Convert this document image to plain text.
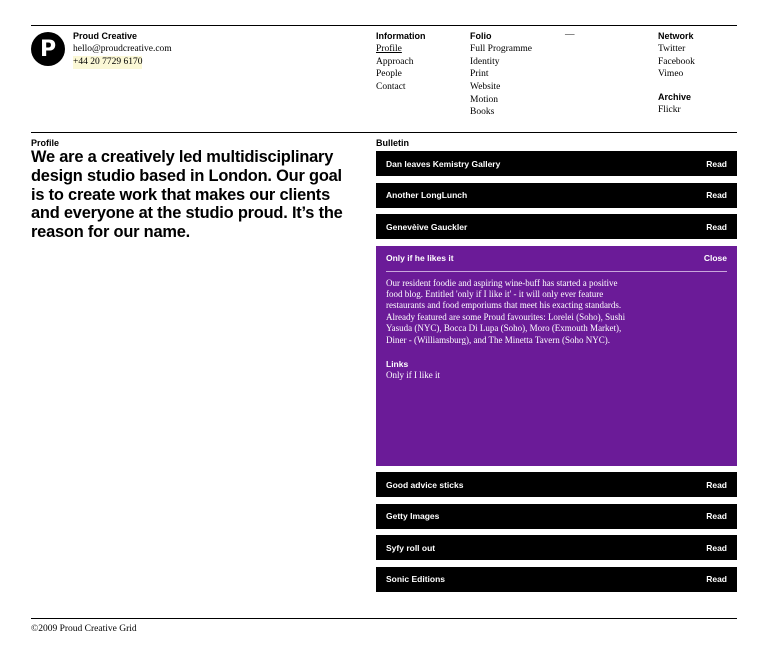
P
Proud Creative
hello@proudcreative.com
+44 20 7729 6170
Information
Profile
Approach
People
Contact
Folio
Full Programme
Identity
Print
Website
Motion
Books
—	Network
Twitter
Facebook
Vimeo
Archive
Flickr
Profile

We are a creatively led multidisciplinary design studio based in London. Our goal is to create work that makes our clients and everyone at the studio proud. It’s the reason for our name.

Bulletin
Dan leaves Kemistry Gallery	Read
Another LongLunch	Read
Genevèive Gauckler	Read
Only if he likes it	Close
Our resident foodie and aspiring wine-buff has started a positive food blog. Entitled 'only if I like it' - it will only ever feature restaurants and food emporiums that meet his exacting standards. Already featured are some Proud favourites: Lorelei (Soho), Sushi Yasuda (NYC), Bocca Di Lupa (Soho), Moro (Exmouth Market), Diner - (Williamsburg), and The Minetta Tavern (Soho NYC).
Links
Only if I like it
Good advice sticks	Read
Getty Images	Read
Syfy roll out	Read
Sonic Editions	Read
©2009 Proud Creative Grid
